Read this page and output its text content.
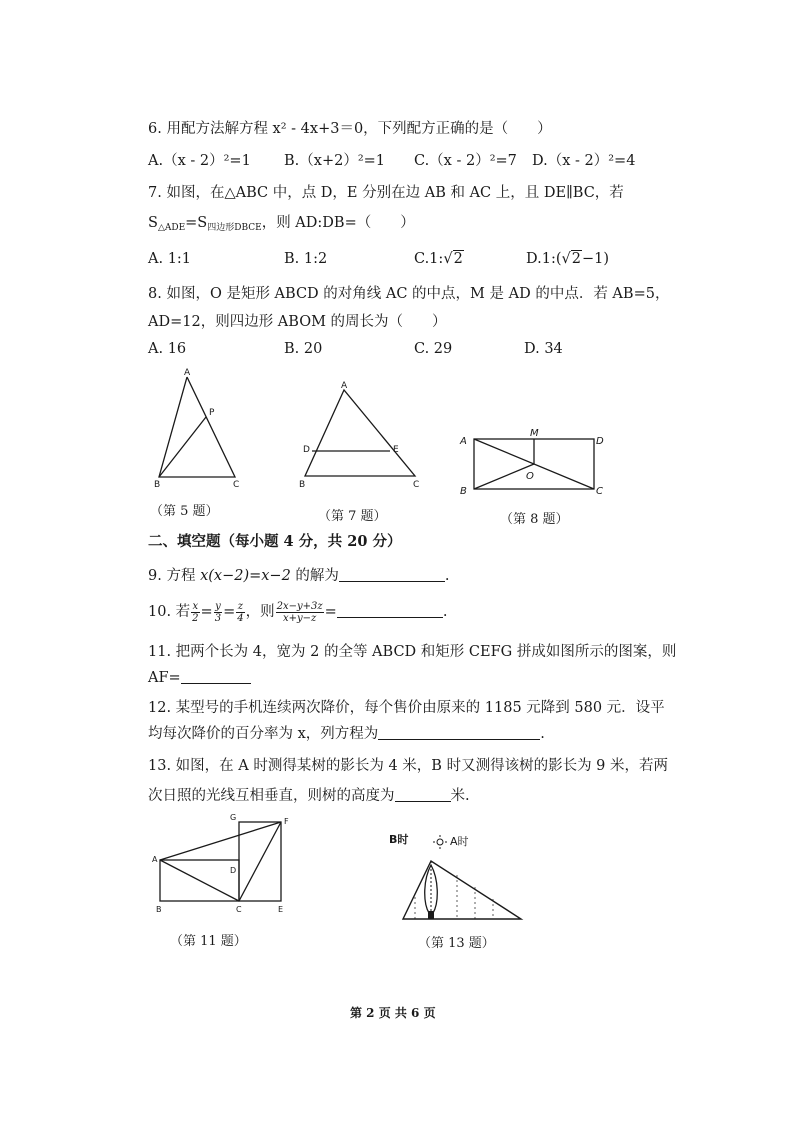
6. 用配方法解方程 x² - 4x+3＝0，下列配方正确的是（　　）
A.（x - 2）²=1 B.（x+2）²=1 C.（x - 2）²=7 D.（x - 2）²=4
7. 如图，在△ABC 中，点 D，E 分别在边 AB 和 AC 上，且 DE∥BC，若
$S_{\triangle ADE}=S_{四边形DBCE}$，则 AD:DB=（　　）
A. 1:1	B. 1:2	C.1:√2	D.1:(√2−1)
8. 如图，O 是矩形 ABCD 的对角线 AC 的中点，M 是 AD 的中点．若 AB=5，
AD=12，则四边形 ABOM 的周长为（　　）
A. 16	B. 20	C. 29	D. 34
A
P
B	C
（第 5 题）
A
D	E
B	C
（第 7 题）
A
M
D
O
B	C
（第 8 题）
二、填空题（每小题 4 分，共 20 分）
9. 方程 x(x−2)=x−2 的解为	.
10. 若 $\frac{x}{2} = \frac{y}{3} = \frac{z}{4}$ ，则 $\frac{2x-y+3z}{x+y-z}$ =	.
11. 把两个长为 4，宽为 2 的全等 ABCD 和矩形 CEFG 拼成如图所示的图案，则
AF=
12. 某型号的手机连续两次降价，每个售价由原来的 1185 元降到 580 元．设平
均每次降价的百分率为 x，列方程为	.
13. 如图，在 A 时测得某树的影长为 4 米，B 时又测得该树的影长为 9 米，若两
次日照的光线互相垂直，则树的高度为	米.
G	F
A
D
B	C	E
（第 11 题）
B时	A时
（第 13 题）
第 2 页 共 6 页
